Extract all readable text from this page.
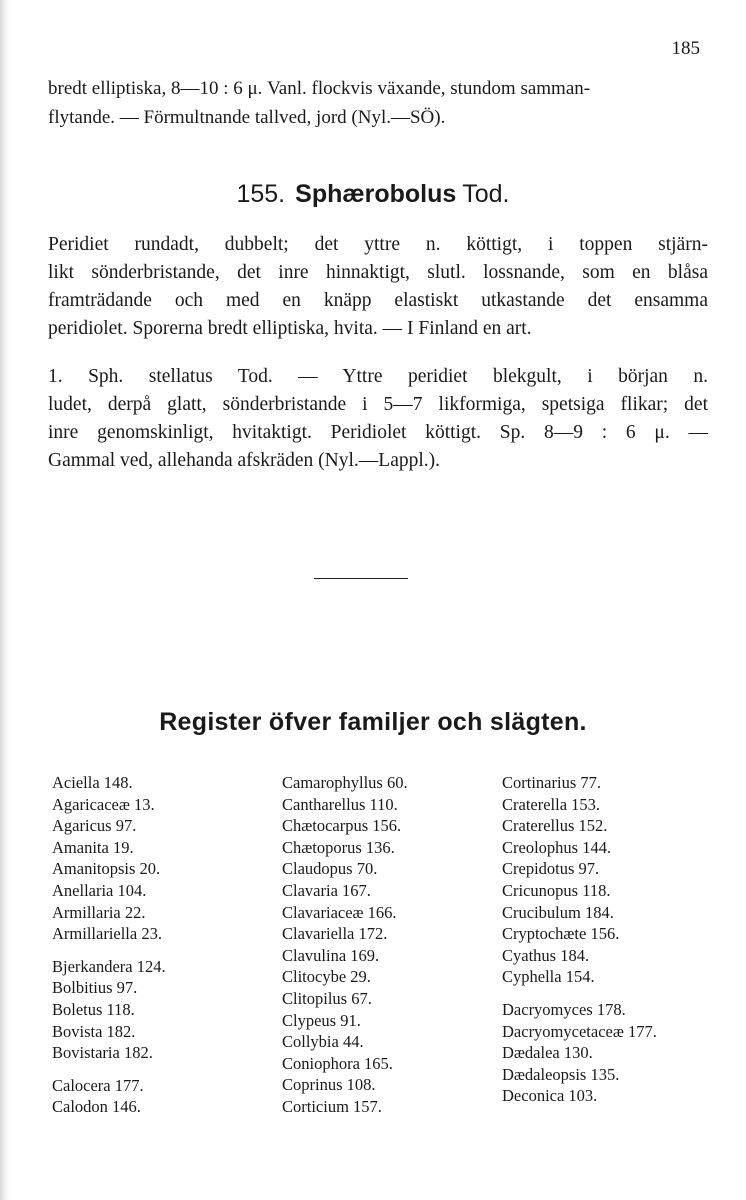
185
bredt elliptiska, 8—10 : 6 μ. Vanl. flockvis växande, stundom samman-
flytande. — Förmultnande tallved, jord (Nyl.—SÖ).
155. Sphærobolus Tod.
Peridiet rundadt, dubbelt; det yttre n. köttigt, i toppen stjärn-
likt sönderbristande, det inre hinnaktigt, slutl. lossnande, som en blåsa
framträdande och med en knäpp elastiskt utkastande det ensamma
peridiolet. Sporerna bredt elliptiska, hvita. — I Finland en art.
1. Sph. stellatus Tod. — Yttre peridiet blekgult, i början n.
ludet, derpå glatt, sönderbristande i 5—7 likformiga, spetsiga flikar; det
inre genomskinligt, hvitaktigt. Peridiolet köttigt. Sp. 8—9 : 6 μ. —
Gammal ved, allehanda afskräden (Nyl.—Lappl.).
Register öfver familjer och slägten.
Aciella 148.
Agaricaceæ 13.
Agaricus 97.
Amanita 19.
Amanitopsis 20.
Anellaria 104.
Armillaria 22.
Armillariella 23.
Bjerkandera 124.
Bolbitius 97.
Boletus 118.
Bovista 182.
Bovistaria 182.
Calocera 177.
Calodon 146.
Camarophyllus 60.
Cantharellus 110.
Chætocarpus 156.
Chætoporus 136.
Claudopus 70.
Clavaria 167.
Clavariaceæ 166.
Clavariella 172.
Clavulina 169.
Clitocybe 29.
Clitopilus 67.
Clypeus 91.
Collybia 44.
Coniophora 165.
Coprinus 108.
Corticium 157.
Cortinarius 77.
Craterella 153.
Craterellus 152.
Creolophus 144.
Crepidotus 97.
Cricunopus 118.
Crucibulum 184.
Cryptochæte 156.
Cyathus 184.
Cyphella 154.
Dacryomyces 178.
Dacryomycetaceæ 177.
Dædalea 130.
Dædaleopsis 135.
Deconica 103.
